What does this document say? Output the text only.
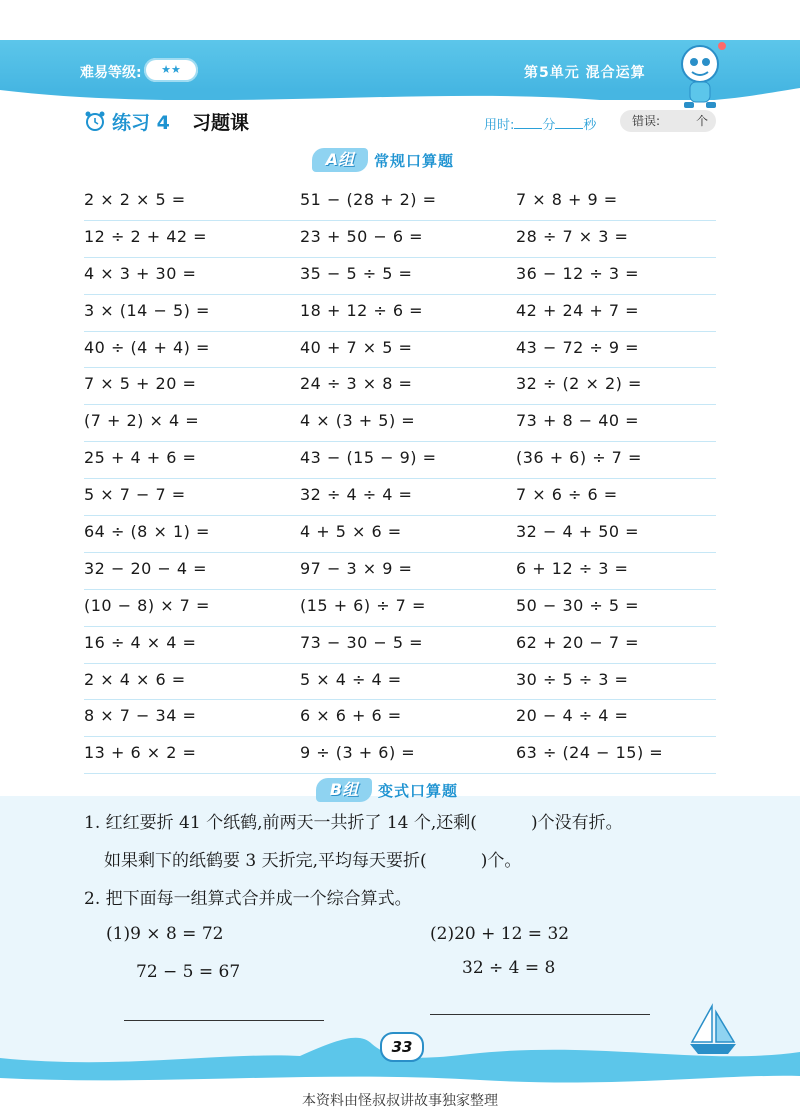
难易等级:	★★	第5单元 混合运算
练习 4 习题课	用时: 分 秒	错误:	个
A组	常规口算题
2 × 2 × 5 =	51 − (28 + 2) =	7 × 8 + 9 =
12 ÷ 2 + 42 =	23 + 50 − 6 =	28 ÷ 7 × 3 =
4 × 3 + 30 =	35 − 5 ÷ 5 =	36 − 12 ÷ 3 =
3 × (14 − 5) =	18 + 12 ÷ 6 =	42 + 24 + 7 =
40 ÷ (4 + 4) =	40 + 7 × 5 =	43 − 72 ÷ 9 =
7 × 5 + 20 =	24 ÷ 3 × 8 =	32 ÷ (2 × 2) =
(7 + 2) × 4 =	4 × (3 + 5) =	73 + 8 − 40 =
25 + 4 + 6 =	43 − (15 − 9) =	(36 + 6) ÷ 7 =
5 × 7 − 7 =	32 ÷ 4 ÷ 4 =	7 × 6 ÷ 6 =
64 ÷ (8 × 1) =	4 + 5 × 6 =	32 − 4 + 50 =
32 − 20 − 4 =	97 − 3 × 9 =	6 + 12 ÷ 3 =
(10 − 8) × 7 =	(15 + 6) ÷ 7 =	50 − 30 ÷ 5 =
16 ÷ 4 × 4 =	73 − 30 − 5 =	62 + 20 − 7 =
2 × 4 × 6 =	5 × 4 ÷ 4 =	30 ÷ 5 ÷ 3 =
8 × 7 − 34 =	6 × 6 + 6 =	20 − 4 ÷ 4 =
13 + 6 × 2 =	9 ÷ (3 + 6) =	63 ÷ (24 − 15) =
B组	变式口算题
1. 红红要折 41 个纸鹤,前两天一共折了 14 个,还剩(          )个没有折。
如果剩下的纸鹤要 3 天折完,平均每天要折(          )个。
2. 把下面每一组算式合并成一个综合算式。
(1)9 × 8 = 72
72 − 5 = 67
(2)20 + 12 = 32
32 ÷ 4 = 8
33
本资料由怪叔叔讲故事独家整理
